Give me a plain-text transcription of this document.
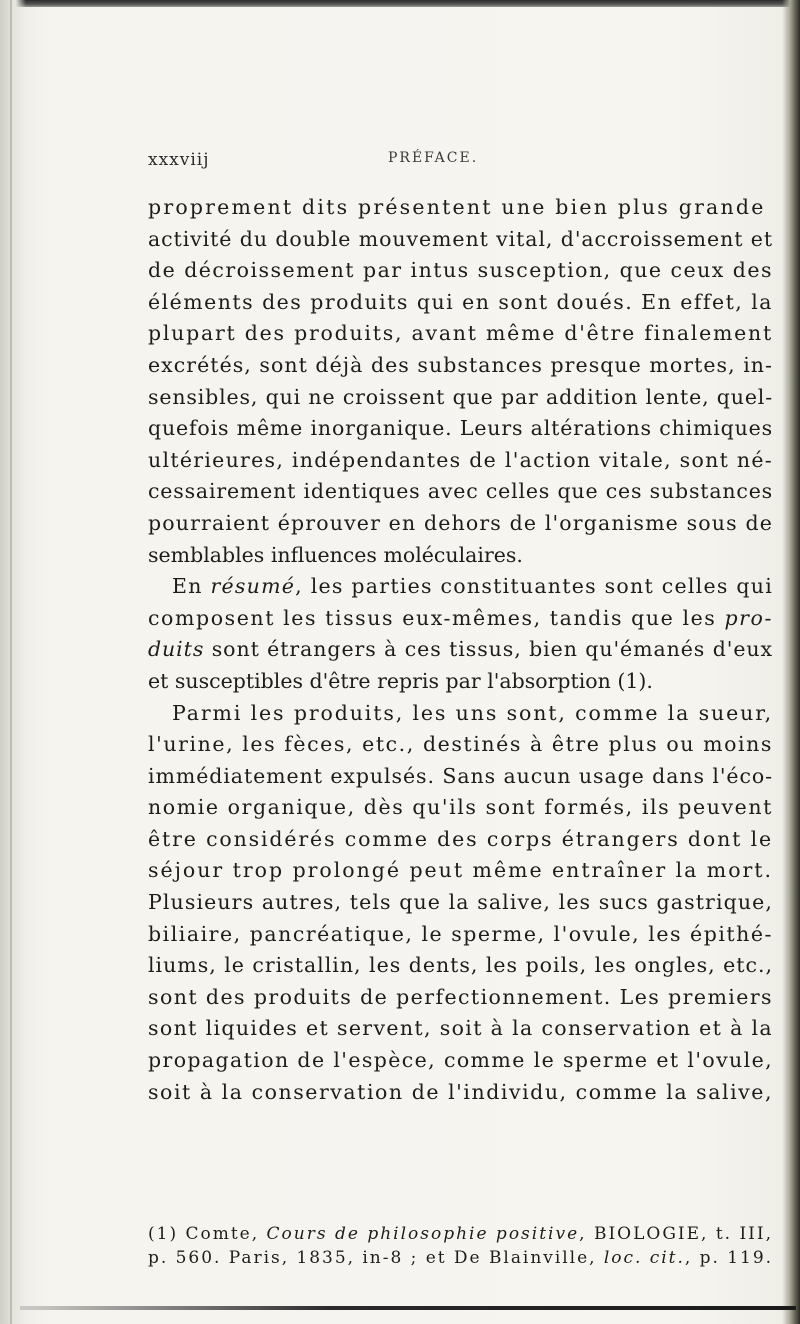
xxxviij	PRÉFACE.
proprement dits présentent une bien plus grande
activité du double mouvement vital, d'accroissement et
de décroissement par intus susception, que ceux des
éléments des produits qui en sont doués. En effet, la
plupart des produits, avant même d'être finalement
excrétés, sont déjà des substances presque mortes, in-
sensibles, qui ne croissent que par addition lente, quel-
quefois même inorganique. Leurs altérations chimiques
ultérieures, indépendantes de l'action vitale, sont né-
cessairement identiques avec celles que ces substances
pourraient éprouver en dehors de l'organisme sous de
semblables influences moléculaires.
En résumé, les parties constituantes sont celles qui
composent les tissus eux-mêmes, tandis que les pro-
duits sont étrangers à ces tissus, bien qu'émanés d'eux
et susceptibles d'être repris par l'absorption (1).
Parmi les produits, les uns sont, comme la sueur,
l'urine, les fèces, etc., destinés à être plus ou moins
immédiatement expulsés. Sans aucun usage dans l'éco-
nomie organique, dès qu'ils sont formés, ils peuvent
être considérés comme des corps étrangers dont le
séjour trop prolongé peut même entraîner la mort.
Plusieurs autres, tels que la salive, les sucs gastrique,
biliaire, pancréatique, le sperme, l'ovule, les épithé-
liums, le cristallin, les dents, les poils, les ongles, etc.,
sont des produits de perfectionnement. Les premiers
sont liquides et servent, soit à la conservation et à la
propagation de l'espèce, comme le sperme et l'ovule,
soit à la conservation de l'individu, comme la salive,
(1) Comte, Cours de philosophie positive, BIOLOGIE, t. III,
p. 560. Paris, 1835, in-8 ; et De Blainville, loc. cit., p. 119.
